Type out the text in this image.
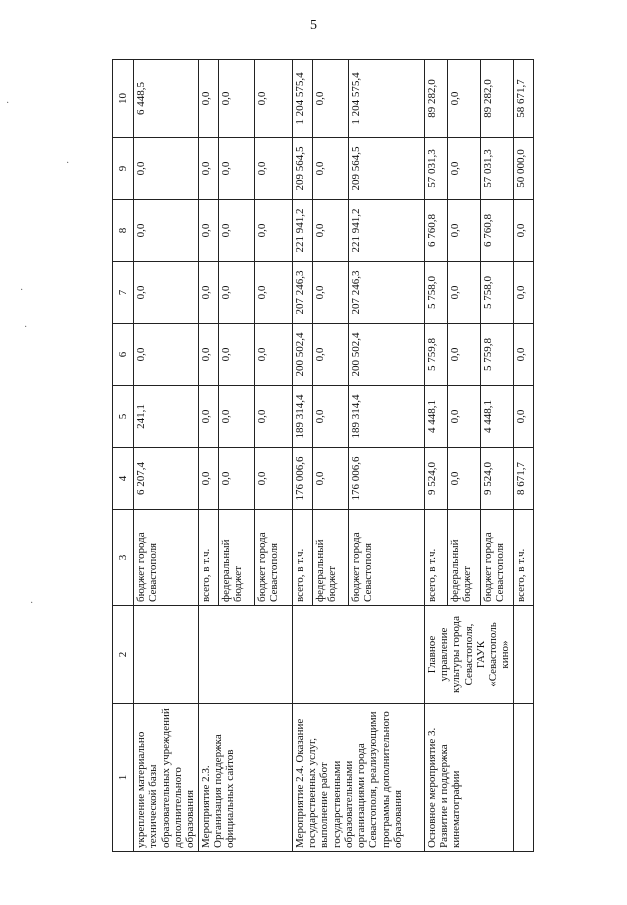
5
·
·
·
·
·
1	2	3	4	5	6	7	8	9	10
укрепление материально технической базы образовательных учреждений дополнительного образования		бюджет города Севастополя	6 207,4	241,1	0,0	0,0	0,0	0,0	6 448,5
Мероприятие 2.3. Организация поддержка официальных сайтов		всего, в т.ч.	0,0	0,0	0,0	0,0	0,0	0,0	0,0
		федеральный бюджет	0,0	0,0	0,0	0,0	0,0	0,0	0,0
		бюджет города Севастополя	0,0	0,0	0,0	0,0	0,0	0,0	0,0
Мероприятие 2.4. Оказание государственных услуг, выполнение работ государственными образовательными организациями города Севастополя, реализующими программы дополнительного образования		всего, в т.ч.	176 006,6	189 314,4	200 502,4	207 246,3	221 941,2	209 564,5	1 204 575,4
		федеральный бюджет	0,0	0,0	0,0	0,0	0,0	0,0	0,0
		бюджет города Севастополя	176 006,6	189 314,4	200 502,4	207 246,3	221 941,2	209 564,5	1 204 575,4
Основное мероприятие 3. Развитие и поддержка кинематографии	Главное управление культуры города Севастополя, ГАУК «Севастополь кино»	всего, в т.ч.	9 524,0	4 448,1	5 759,8	5 758,0	6 760,8	57 031,3	89 282,0
		федеральный бюджет	0,0	0,0	0,0	0,0	0,0	0,0	0,0
		бюджет города Севастополя	9 524,0	4 448,1	5 759,8	5 758,0	6 760,8	57 031,3	89 282,0
		всего, в т.ч.	8 671,7	0,0	0,0	0,0	0,0	50 000,0	58 671,7
